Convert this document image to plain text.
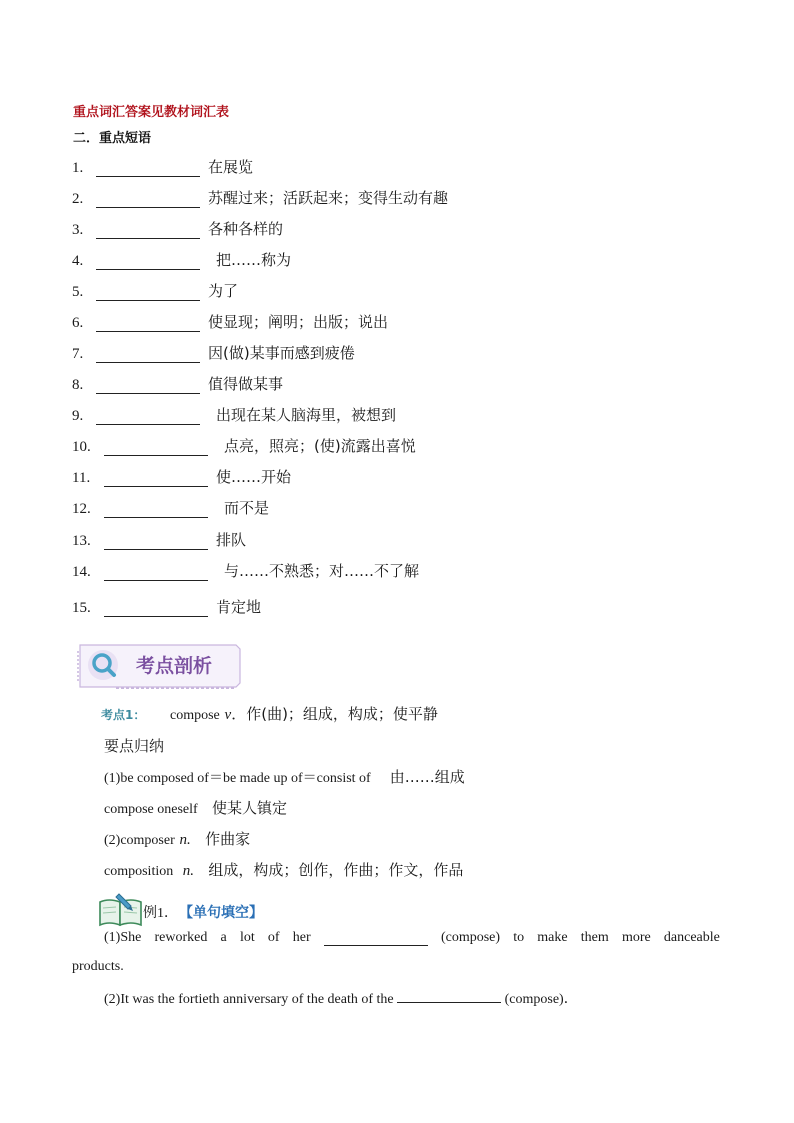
重点词汇答案见教材词汇表
二．重点短语
1.	在展览
2.	苏醒过来；活跃起来；变得生动有趣
3.	各种各样的
4.	把……称为
5.	为了
6.	使显现；阐明；出版；说出
7.	因(做)某事而感到疲倦
8.	值得做某事
9.	出现在某人脑海里，被想到
10.	点亮，照亮；(使)流露出喜悦
11.	使……开始
12.	而不是
13.	排队
14.	与……不熟悉；对……不了解
15.	肯定地
考点剖析
考点1： compose v．作(曲)；组成，构成；使平静
要点归纳
(1)be composed of＝be made up of＝consist of 由……组成
compose oneself 使某人镇定
(2)composer n. 作曲家
composition n. 组成，构成；创作，作曲；作文，作品
例1． 【单句填空】
(1)She reworked a lot of her	(compose) to make them more danceable
products.
(2)It was the fortieth anniversary of the death of the	(compose)．
